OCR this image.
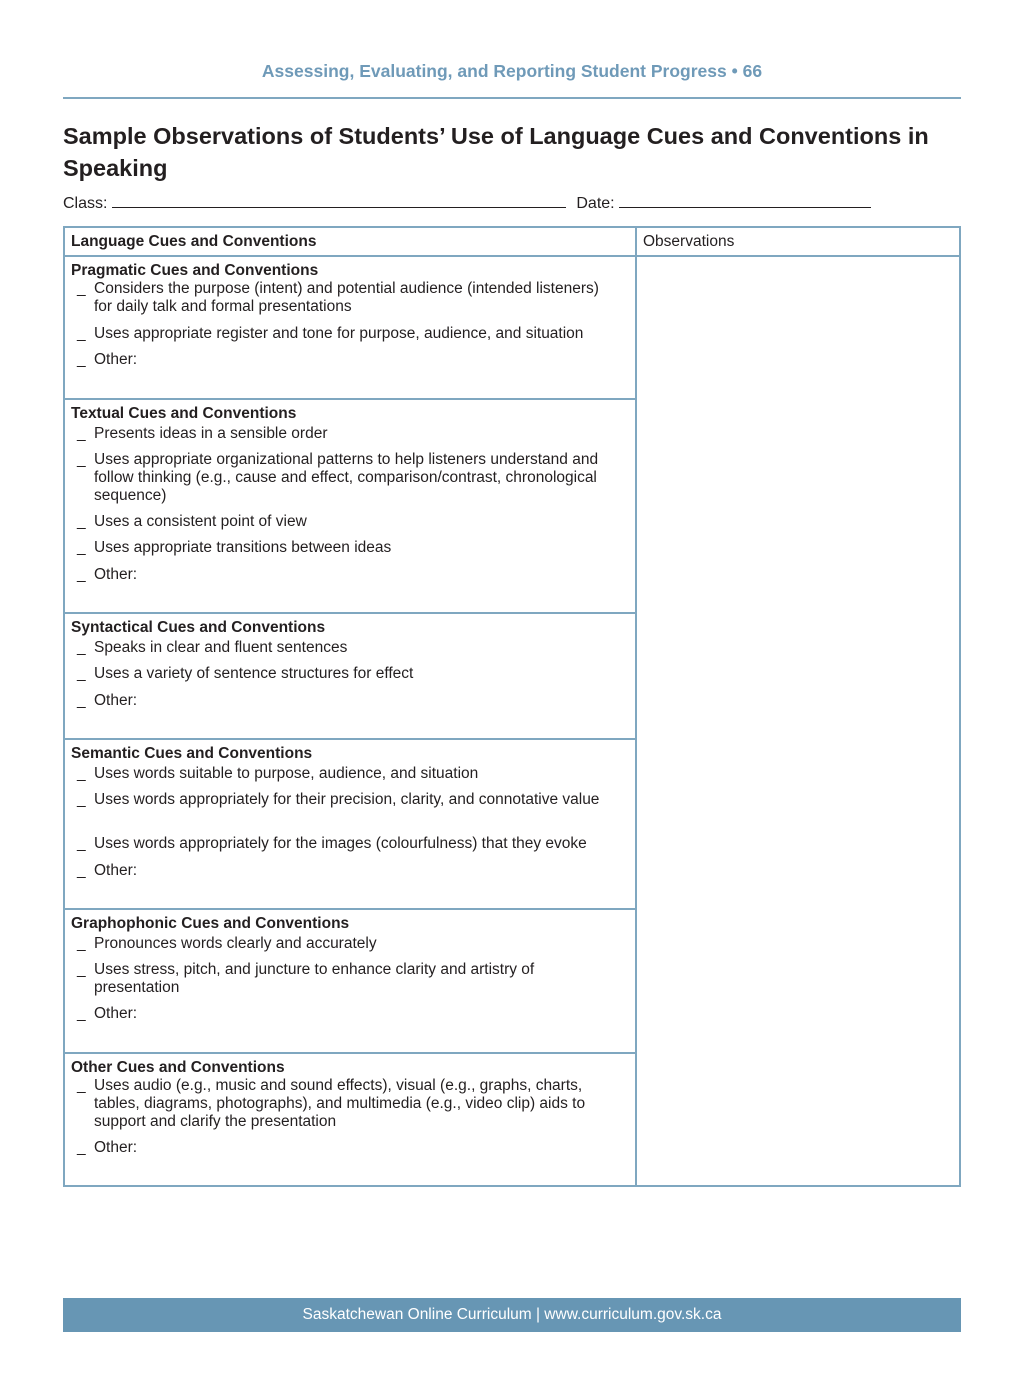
Assessing, Evaluating, and Reporting Student Progress • 66
Sample Observations of Students’ Use of Language Cues and Conventions in Speaking
Class:	Date:
Language Cues and Conventions	Observations
Pragmatic Cues and Conventions
_ Considers the purpose (intent) and potential audience (intended listeners) for daily talk and formal presentations
_ Uses appropriate register and tone for purpose, audience, and situation
_ Other:
Textual Cues and Conventions
_ Presents ideas in a sensible order
_ Uses appropriate organizational patterns to help listeners understand and follow thinking (e.g., cause and effect, comparison/contrast, chronological sequence)
_ Uses a consistent point of view
_ Uses appropriate transitions between ideas
_ Other:
Syntactical Cues and Conventions
_ Speaks in clear and fluent sentences
_ Uses a variety of sentence structures for effect
_ Other:
Semantic Cues and Conventions
_ Uses words suitable to purpose, audience, and situation
_ Uses words appropriately for their precision, clarity, and connotative value
_ Uses words appropriately for the images (colourfulness) that they evoke
_ Other:
Graphophonic Cues and Conventions
_ Pronounces words clearly and accurately
_ Uses stress, pitch, and juncture to enhance clarity and artistry of presentation
_ Other:
Other Cues and Conventions
_ Uses audio (e.g., music and sound effects), visual (e.g., graphs, charts, tables, diagrams, photographs), and multimedia (e.g., video clip) aids to support and clarify the presentation
_ Other:
Saskatchewan Online Curriculum | www.curriculum.gov.sk.ca
